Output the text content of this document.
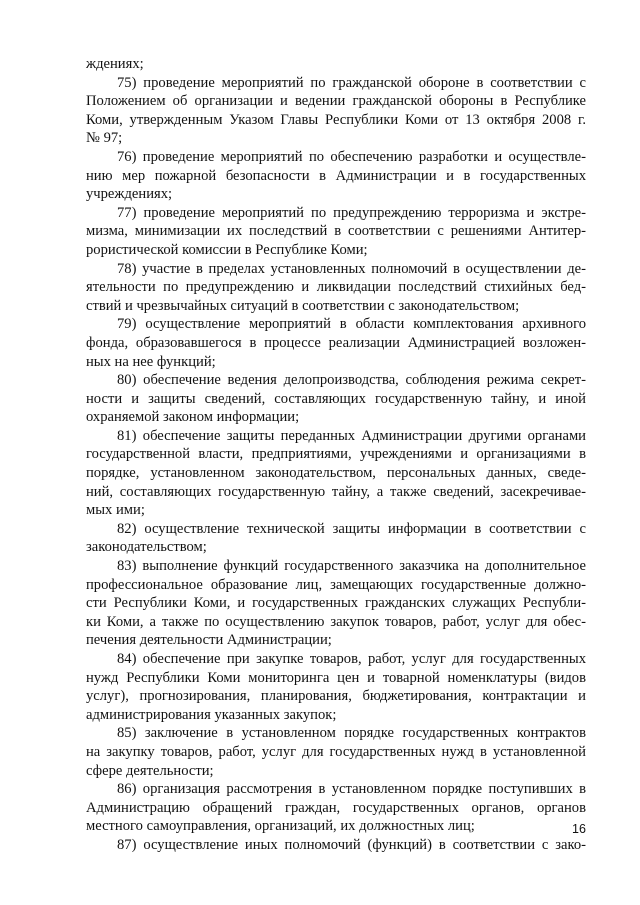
ждениях;
75) проведение мероприятий по гражданской обороне в соответствии с
Положением об организации и ведении гражданской обороны в Республике
Коми, утвержденным Указом Главы Республики Коми от 13 октября 2008 г.
№ 97;
76) проведение мероприятий по обеспечению разработки и осуществле-
нию мер пожарной безопасности в Администрации и в государственных
учреждениях;
77) проведение мероприятий по предупреждению терроризма и экстре-
мизма, минимизации их последствий в соответствии с решениями Антитер-
рористической комиссии в Республике Коми;
78) участие в пределах установленных полномочий в осуществлении де-
ятельности по предупреждению и ликвидации последствий стихийных бед-
ствий и чрезвычайных ситуаций в соответствии с законодательством;
79) осуществление мероприятий в области комплектования архивного
фонда, образовавшегося в процессе реализации Администрацией возложен-
ных на нее функций;
80) обеспечение ведения делопроизводства, соблюдения режима секрет-
ности и защиты сведений, составляющих государственную тайну, и иной
охраняемой законом информации;
81) обеспечение защиты переданных Администрации другими органами
государственной власти, предприятиями, учреждениями и организациями в
порядке, установленном законодательством, персональных данных, сведе-
ний, составляющих государственную тайну, а также сведений, засекречивае-
мых ими;
82) осуществление технической защиты информации в соответствии с
законодательством;
83) выполнение функций государственного заказчика на дополнительное
профессиональное образование лиц, замещающих государственные должно-
сти Республики Коми, и государственных гражданских служащих Республи-
ки Коми, а также по осуществлению закупок товаров, работ, услуг для обес-
печения деятельности Администрации;
84) обеспечение при закупке товаров, работ, услуг для государственных
нужд Республики Коми мониторинга цен и товарной номенклатуры (видов
услуг), прогнозирования, планирования, бюджетирования, контрактации и
администрирования указанных закупок;
85) заключение в установленном порядке государственных контрактов
на закупку товаров, работ, услуг для государственных нужд в установленной
сфере деятельности;
86) организация рассмотрения в установленном порядке поступивших в
Администрацию обращений граждан, государственных органов, органов
местного самоуправления, организаций, их должностных лиц;
87) осуществление иных полномочий (функций) в соответствии с зако-
16
